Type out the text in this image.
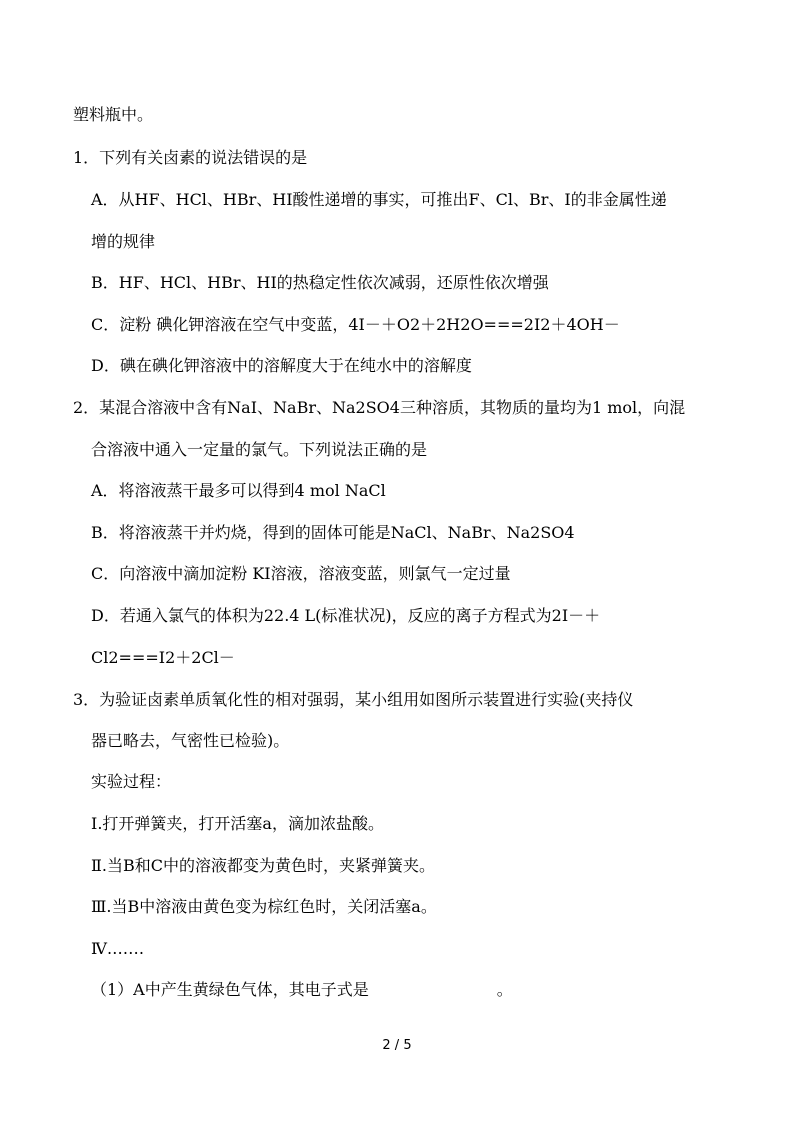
塑料瓶中。
1．下列有关卤素的说法错误的是
A．从HF、HCl、HBr、HI酸性递增的事实，可推出F、Cl、Br、I的非金属性递
增的规律
B．HF、HCl、HBr、HI的热稳定性依次减弱，还原性依次增强
C．淀粉 碘化钾溶液在空气中变蓝，4I－＋O2＋2H2O===2I2＋4OH－
D．碘在碘化钾溶液中的溶解度大于在纯水中的溶解度
2．某混合溶液中含有NaI、NaBr、Na2SO4三种溶质，其物质的量均为1 mol，向混
合溶液中通入一定量的氯气。下列说法正确的是
A．将溶液蒸干最多可以得到4 mol NaCl
B．将溶液蒸干并灼烧，得到的固体可能是NaCl、NaBr、Na2SO4
C．向溶液中滴加淀粉 KI溶液，溶液变蓝，则氯气一定过量
D．若通入氯气的体积为22.4 L(标准状况)，反应的离子方程式为2I－＋
Cl2===I2＋2Cl－
3．为验证卤素单质氧化性的相对强弱，某小组用如图所示装置进行实验(夹持仪
器已略去，气密性已检验)。
实验过程：
Ⅰ.打开弹簧夹，打开活塞a，滴加浓盐酸。
Ⅱ.当B和C中的溶液都变为黄色时，夹紧弹簧夹。
Ⅲ.当B中溶液由黄色变为棕红色时，关闭活塞a。
Ⅳ.……
（1）A中产生黄绿色气体，其电子式是	。
2 / 5
